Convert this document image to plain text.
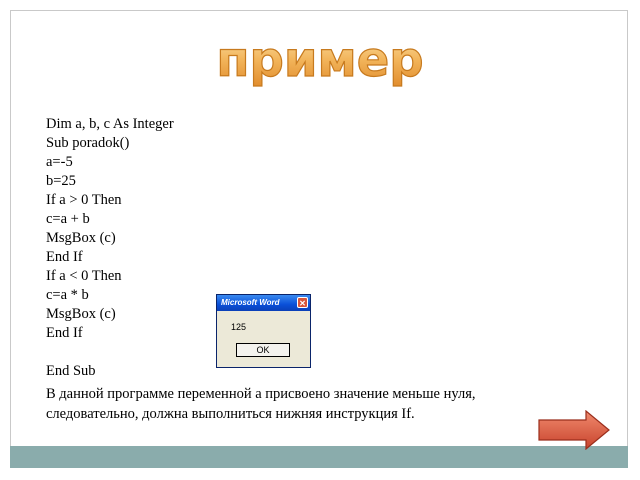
пример
Dim a, b, c As Integer
Sub poradok()
a=-5
b=25
If a > 0 Then
c=a + b
MsgBox (c)
End If
If a < 0 Then
c=a * b
MsgBox (c)
End If
End Sub

В данной программе переменной a присвоено значение меньше нуля, следовательно, должна выполниться нижняя инструкция If.

Microsoft Word ✕
125
OK
